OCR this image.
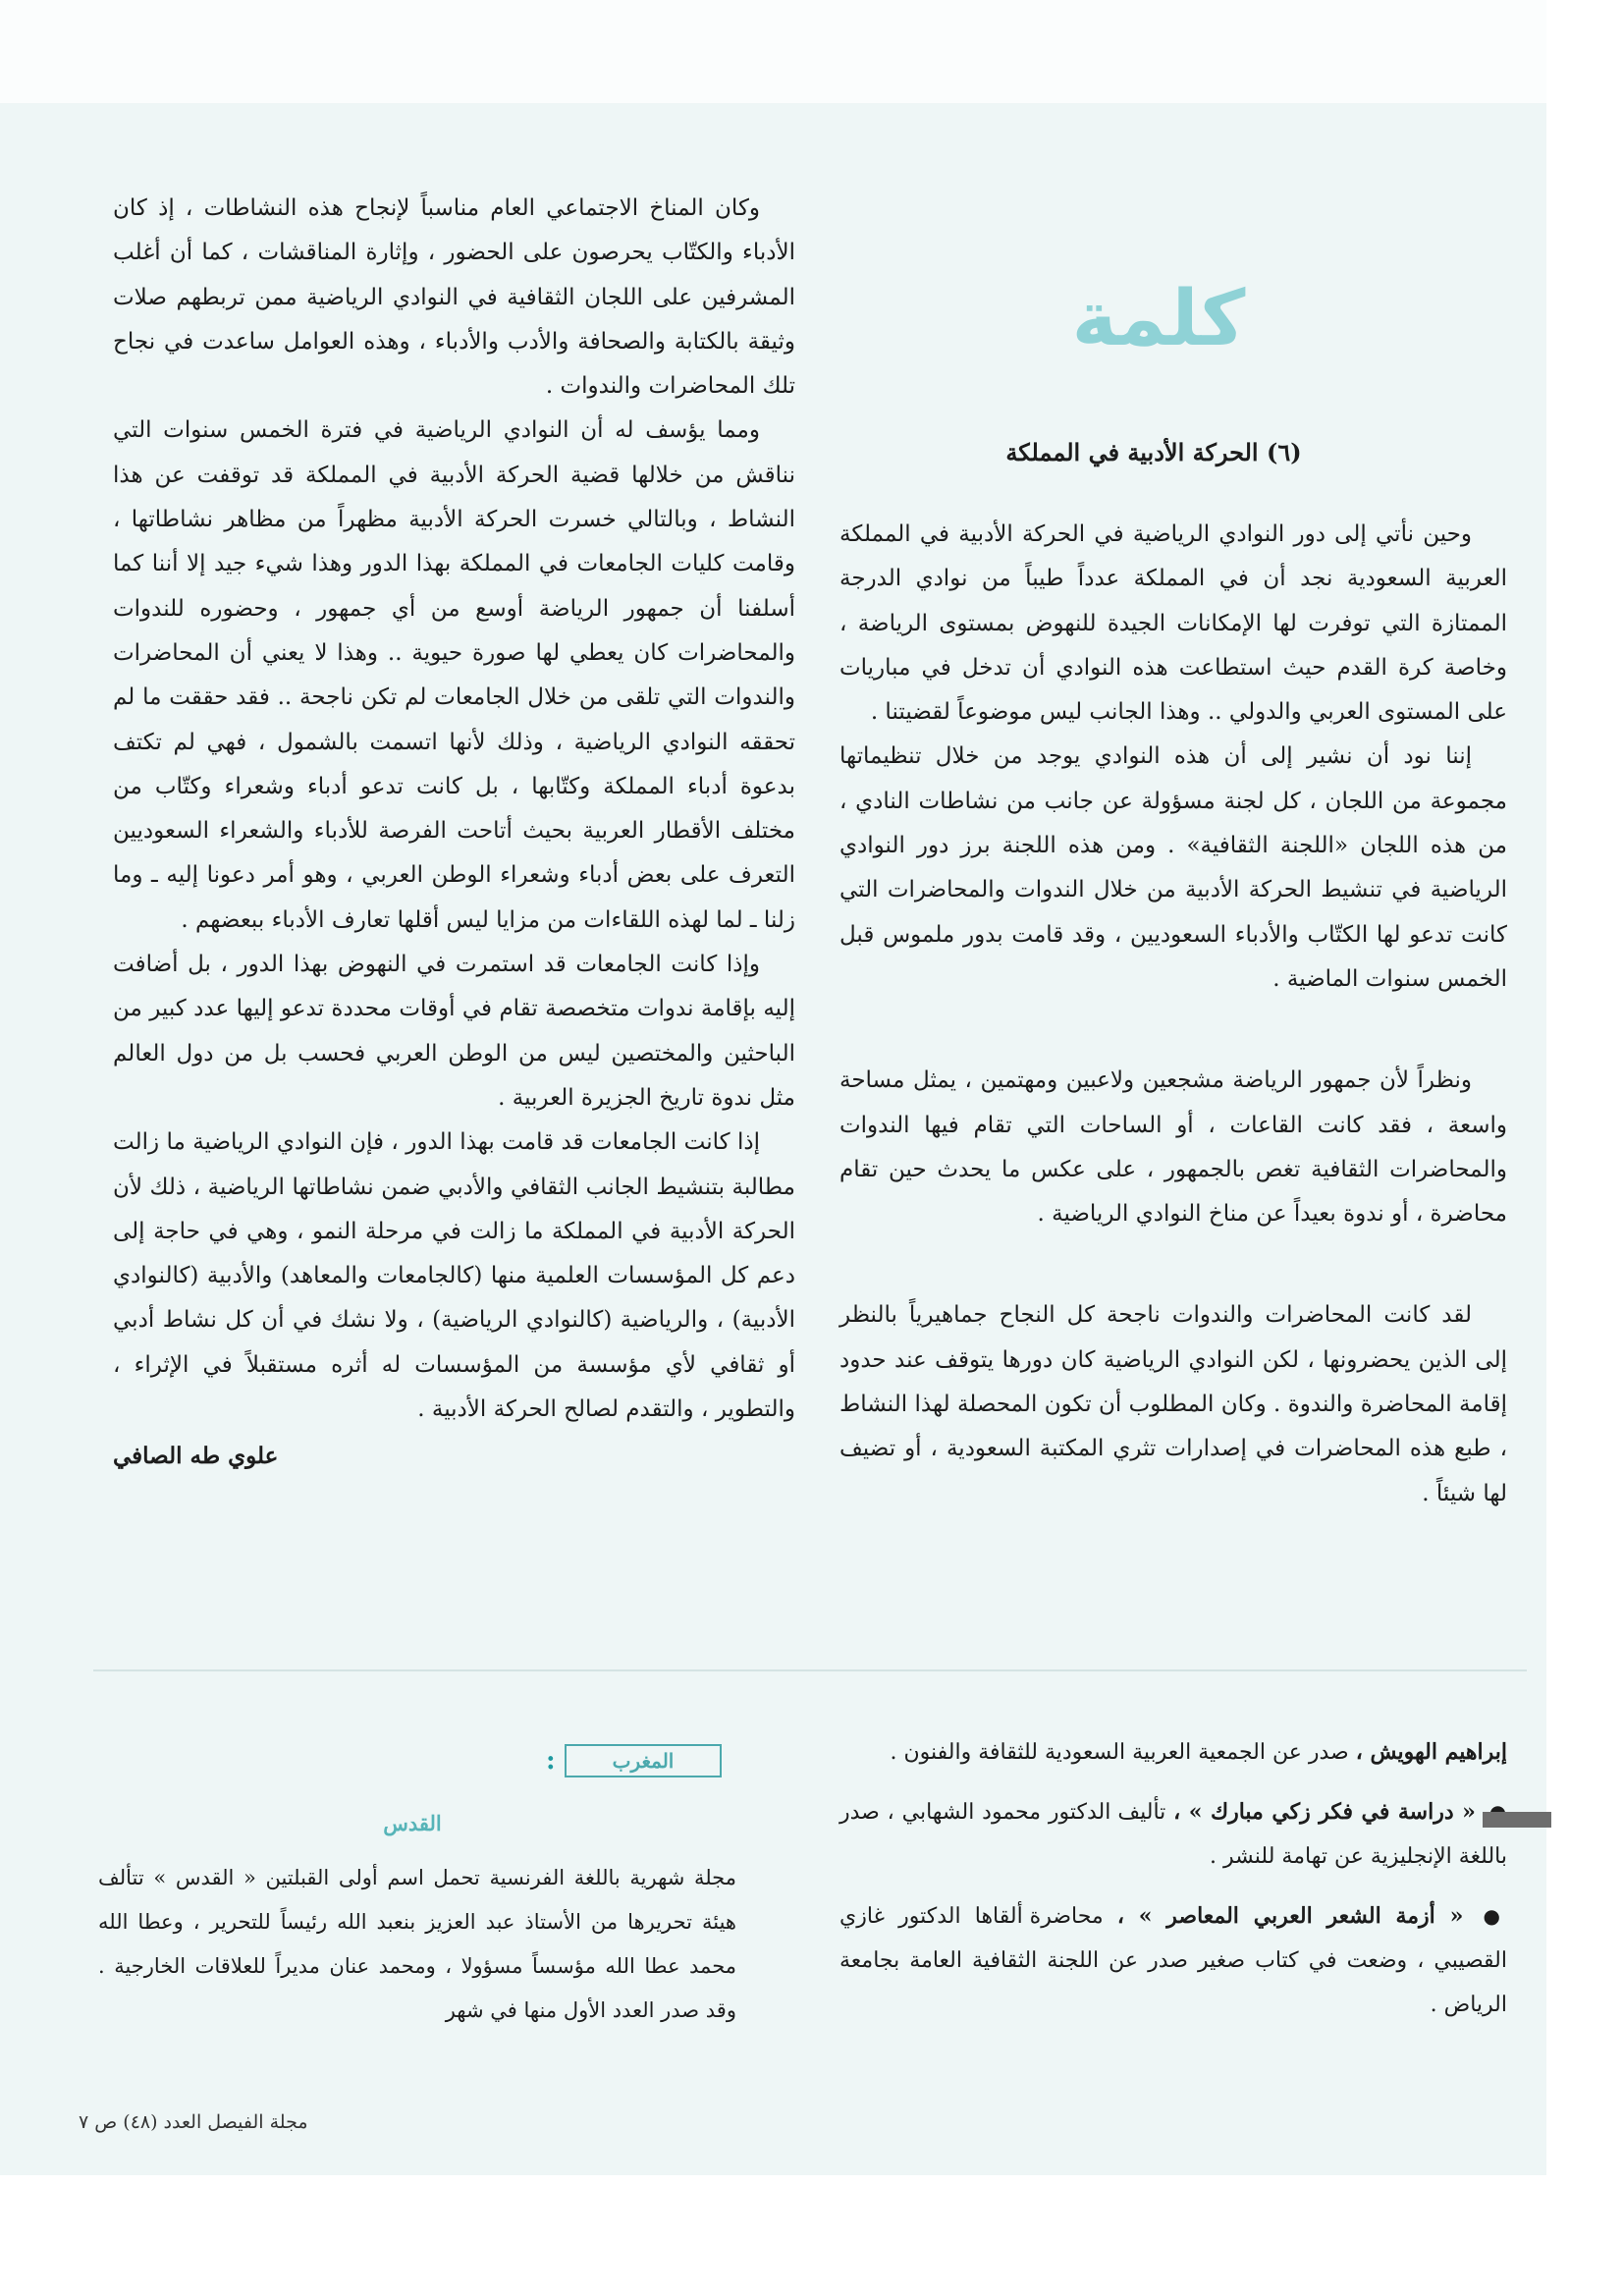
كلمة
(٦) الحركة الأدبية في المملكة

وحين نأتي إلى دور النوادي الرياضية في الحركة الأدبية في المملكة العربية السعودية نجد أن في المملكة عدداً طيباً من نوادي الدرجة الممتازة التي توفرت لها الإمكانات الجيدة للنهوض بمستوى الرياضة ، وخاصة كرة القدم حيث استطاعت هذه النوادي أن تدخل في مباريات على المستوى العربي والدولي .. وهذا الجانب ليس موضوعاً لقضيتنا .

إننا نود أن نشير إلى أن هذه النوادي يوجد من خلال تنظيماتها مجموعة من اللجان ، كل لجنة مسؤولة عن جانب من نشاطات النادي ، من هذه اللجان «اللجنة الثقافية» . ومن هذه اللجنة برز دور النوادي الرياضية في تنشيط الحركة الأدبية من خلال الندوات والمحاضرات التي كانت تدعو لها الكتّاب والأدباء السعوديين ، وقد قامت بدور ملموس قبل الخمس سنوات الماضية .

ونظراً لأن جمهور الرياضة مشجعين ولاعبين ومهتمين ، يمثل مساحة واسعة ، فقد كانت القاعات ، أو الساحات التي تقام فيها الندوات والمحاضرات الثقافية تغص بالجمهور ، على عكس ما يحدث حين تقام محاضرة ، أو ندوة بعيداً عن مناخ النوادي الرياضية .

لقد كانت المحاضرات والندوات ناجحة كل النجاح جماهيرياً بالنظر إلى الذين يحضرونها ، لكن النوادي الرياضية كان دورها يتوقف عند حدود إقامة المحاضرة والندوة . وكان المطلوب أن تكون المحصلة لهذا النشاط ، طبع هذه المحاضرات في إصدارات تثري المكتبة السعودية ، أو تضيف لها شيئاً .

وكان المناخ الاجتماعي العام مناسباً لإنجاح هذه النشاطات ، إذ كان الأدباء والكتّاب يحرصون على الحضور ، وإثارة المناقشات ، كما أن أغلب المشرفين على اللجان الثقافية في النوادي الرياضية ممن تربطهم صلات وثيقة بالكتابة والصحافة والأدب والأدباء ، وهذه العوامل ساعدت في نجاح تلك المحاضرات والندوات .

ومما يؤسف له أن النوادي الرياضية في فترة الخمس سنوات التي نناقش من خلالها قضية الحركة الأدبية في المملكة قد توقفت عن هذا النشاط ، وبالتالي خسرت الحركة الأدبية مظهراً من مظاهر نشاطاتها ، وقامت كليات الجامعات في المملكة بهذا الدور وهذا شيء جيد إلا أننا كما أسلفنا أن جمهور الرياضة أوسع من أي جمهور ، وحضوره للندوات والمحاضرات كان يعطي لها صورة حيوية .. وهذا لا يعني أن المحاضرات والندوات التي تلقى من خلال الجامعات لم تكن ناجحة .. فقد حققت ما لم تحققه النوادي الرياضية ، وذلك لأنها اتسمت بالشمول ، فهي لم تكتف بدعوة أدباء المملكة وكتّابها ، بل كانت تدعو أدباء وشعراء وكتّاب من مختلف الأقطار العربية بحيث أتاحت الفرصة للأدباء والشعراء السعوديين التعرف على بعض أدباء وشعراء الوطن العربي ، وهو أمر دعونا إليه ـ وما زلنا ـ لما لهذه اللقاءات من مزايا ليس أقلها تعارف الأدباء ببعضهم .

وإذا كانت الجامعات قد استمرت في النهوض بهذا الدور ، بل أضافت إليه بإقامة ندوات متخصصة تقام في أوقات محددة تدعو إليها عدد كبير من الباحثين والمختصين ليس من الوطن العربي فحسب بل من دول العالم مثل ندوة تاريخ الجزيرة العربية .

إذا كانت الجامعات قد قامت بهذا الدور ، فإن النوادي الرياضية ما زالت مطالبة بتنشيط الجانب الثقافي والأدبي ضمن نشاطاتها الرياضية ، ذلك لأن الحركة الأدبية في المملكة ما زالت في مرحلة النمو ، وهي في حاجة إلى دعم كل المؤسسات العلمية منها (كالجامعات والمعاهد) والأدبية (كالنوادي الأدبية) ، والرياضية (كالنوادي الرياضية) ، ولا نشك في أن كل نشاط أدبي أو ثقافي لأي مؤسسة من المؤسسات له أثره مستقبلاً في الإثراء ، والتطوير ، والتقدم لصالح الحركة الأدبية .

علوي طه الصافي

إبراهيم الهويش ، صدر عن الجمعية العربية السعودية للثقافة والفنون .

« دراسة في فكر زكي مبارك » ، تأليف الدكتور محمود الشهابي ، صدر باللغة الإنجليزية عن تهامة للنشر .

● « أزمة الشعر العربي المعاصر » ، محاضرة ألقاها الدكتور غازي القصيبي ، وضعت في كتاب صغير صدر عن اللجنة الثقافية العامة بجامعة الرياض .

:	المغرب
القدس

مجلة شهرية باللغة الفرنسية تحمل اسم أولى القبلتين « القدس » تتألف هيئة تحريرها من الأستاذ عبد العزيز بنعبد الله رئيساً للتحرير ، وعطا الله محمد عطا الله مؤسساً مسؤولا ، ومحمد عنان مديراً للعلاقات الخارجية . وقد صدر العدد الأول منها في شهر

مجلة الفيصل العدد (٤٨) ص ٧
